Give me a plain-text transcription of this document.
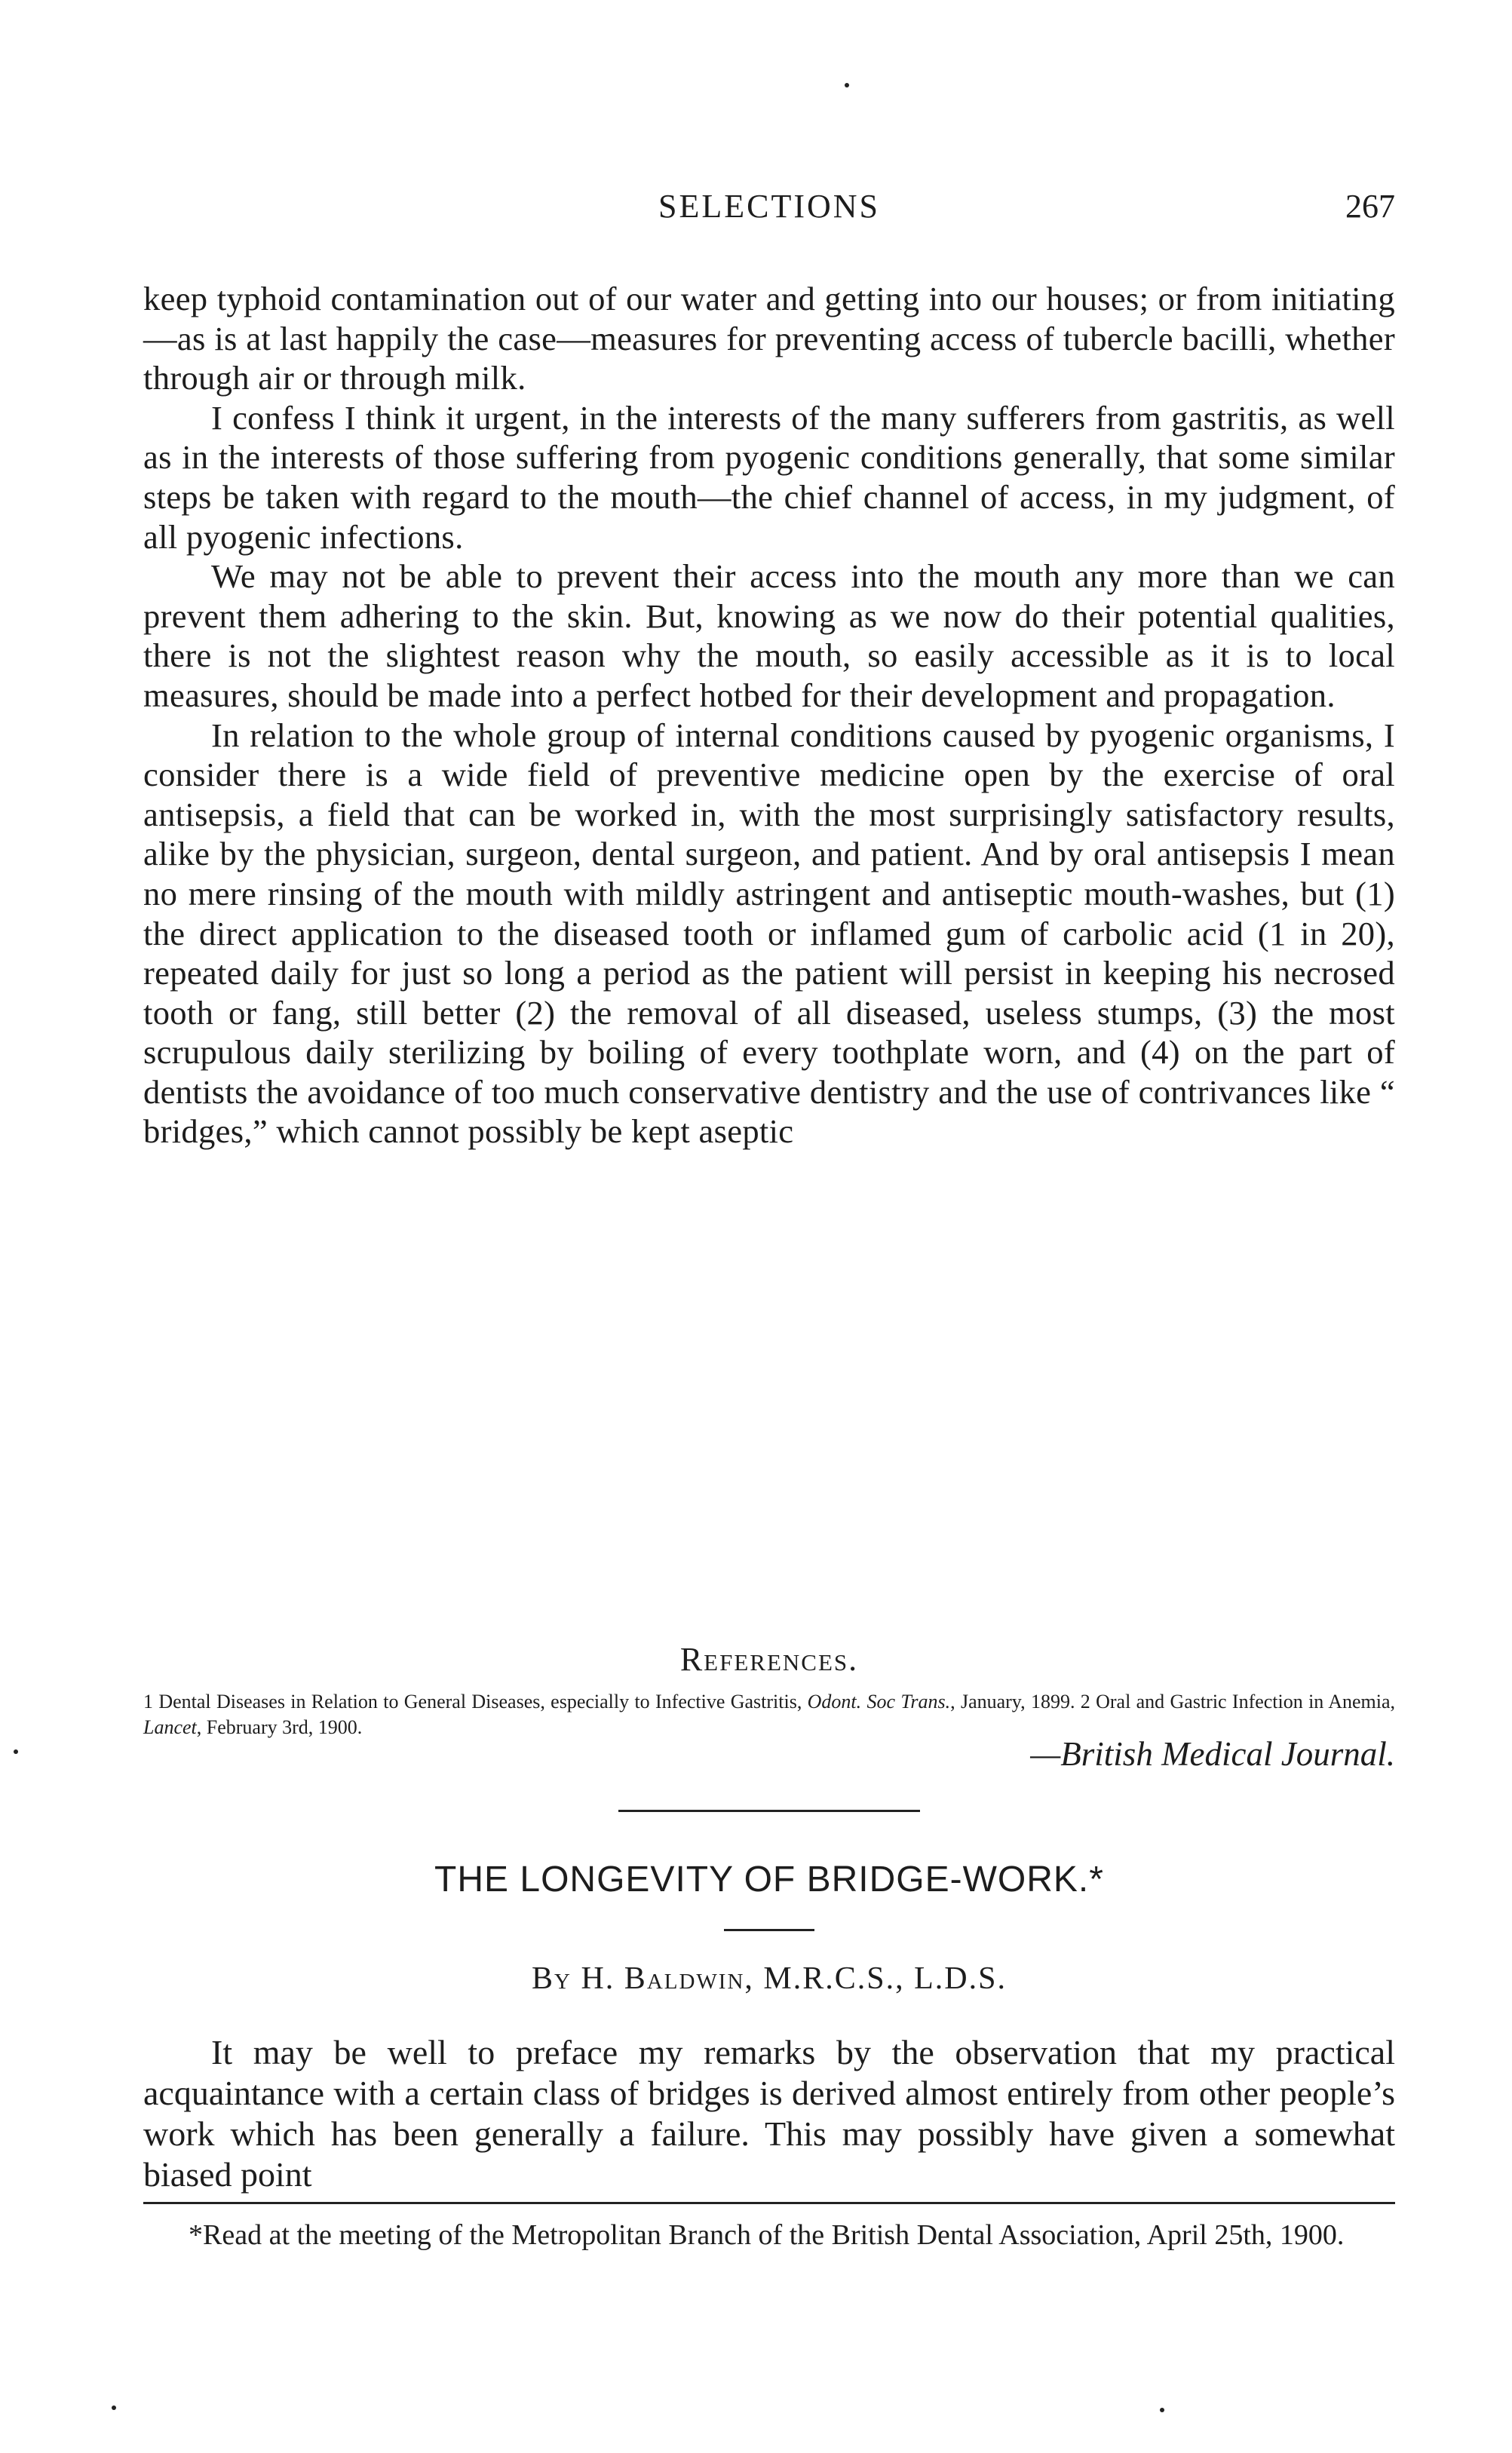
SELECTIONS	267

keep typhoid contamination out of our water and getting into our houses; or from initiating—as is at last happily the case—measures for preventing access of tubercle bacilli, whether through air or through milk.

I confess I think it urgent, in the interests of the many sufferers from gastritis, as well as in the interests of those suffering from pyogenic conditions generally, that some similar steps be taken with regard to the mouth—the chief channel of access, in my judgment, of all pyogenic infections.

We may not be able to prevent their access into the mouth any more than we can prevent them adhering to the skin. But, knowing as we now do their potential qualities, there is not the slightest reason why the mouth, so easily accessible as it is to local measures, should be made into a perfect hotbed for their development and propagation.

In relation to the whole group of internal conditions caused by pyogenic organisms, I consider there is a wide field of preventive medicine open by the exercise of oral antisepsis, a field that can be worked in, with the most surprisingly satisfactory results, alike by the physician, surgeon, dental surgeon, and patient. And by oral antisepsis I mean no mere rinsing of the mouth with mildly astringent and antiseptic mouth-washes, but (1) the direct application to the diseased tooth or inflamed gum of carbolic acid (1 in 20), repeated daily for just so long a period as the patient will persist in keeping his necrosed tooth or fang, still better (2) the removal of all diseased, useless stumps, (3) the most scrupulous daily sterilizing by boiling of every toothplate worn, and (4) on the part of dentists the avoidance of too much conservative dentistry and the use of contrivances like “ bridges,” which cannot possibly be kept aseptic

References.
1 Dental Diseases in Relation to General Diseases, especially to Infective Gastritis, Odont. Soc Trans., January, 1899. 2 Oral and Gastric Infection in Anemia, Lancet, February 3rd, 1900.
—British Medical Journal.
THE LONGEVITY OF BRIDGE-WORK.*
By H. Baldwin, M.R.C.S., L.D.S.

It may be well to preface my remarks by the observation that my practical acquaintance with a certain class of bridges is derived almost entirely from other people’s work which has been generally a failure. This may possibly have given a somewhat biased point

*Read at the meeting of the Metropolitan Branch of the British Dental Association, April 25th, 1900.
